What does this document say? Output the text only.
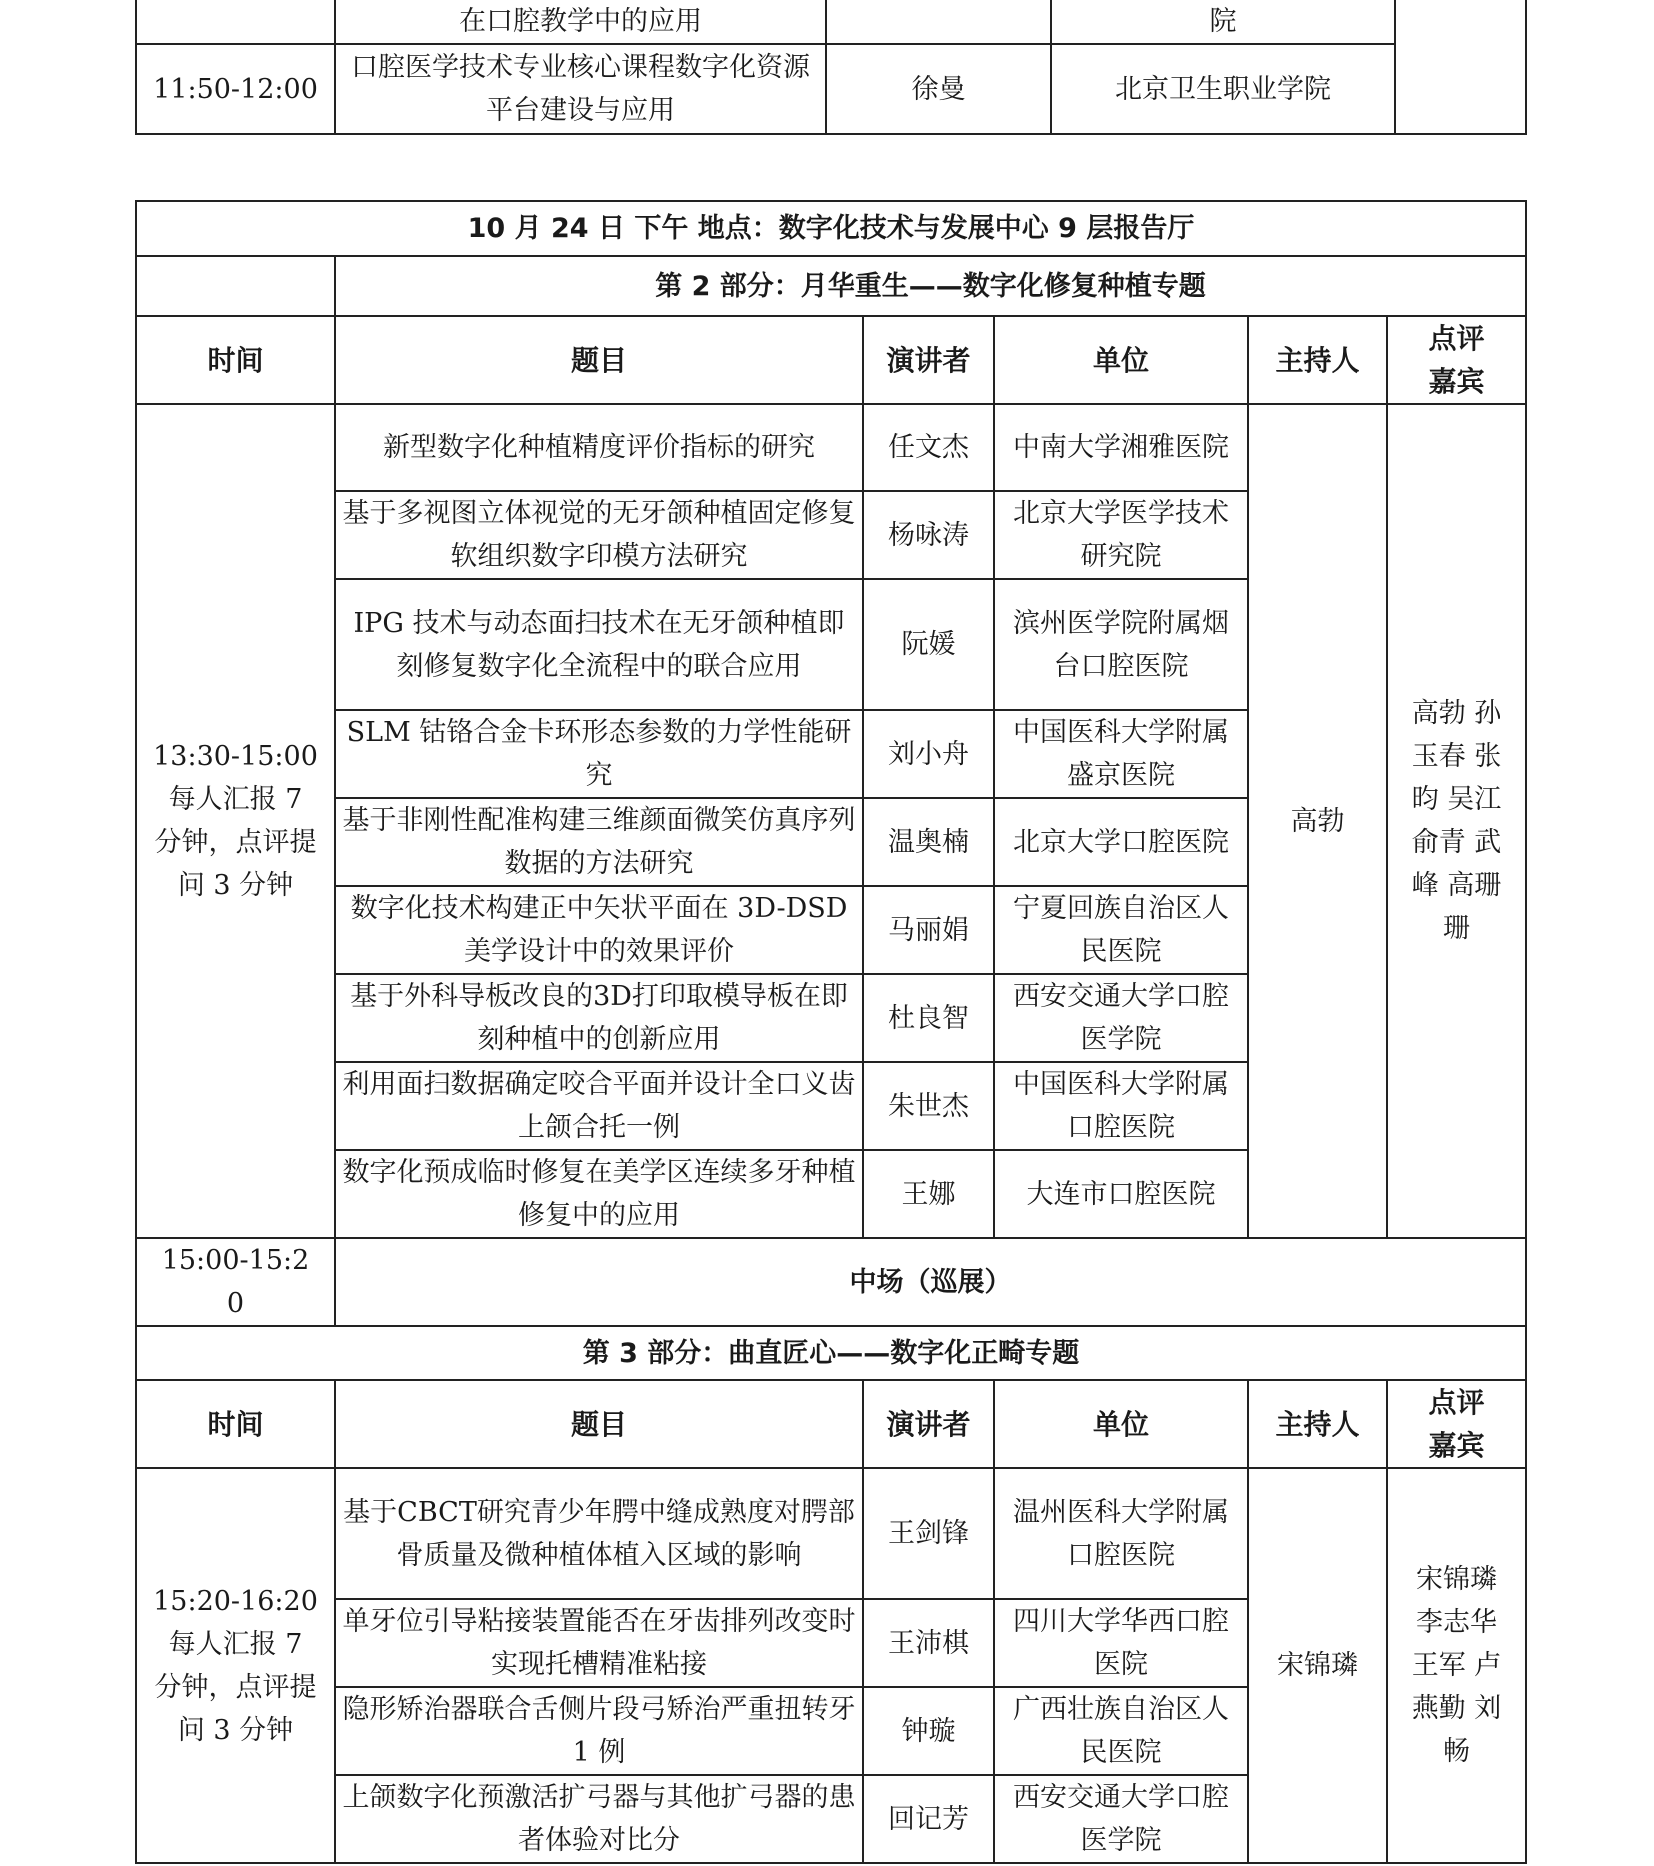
	在口腔教学中的应用		院	
11:50-12:00	口腔医学技术专业核心课程数字化资源平台建设与应用	徐曼	北京卫生职业学院	
10 月 24 日 下午 地点：数字化技术与发展中心 9 层报告厅					
	第 2 部分：月华重生——数字化修复种植专题				
时间	题目	演讲者	单位	主持人	点评嘉宾
13:30-15:00 每人汇报 7 分钟，点评提问 3 分钟	新型数字化种植精度评价指标的研究	任文杰	中南大学湘雅医院	高勃	高勃 孙玉春 张昀 吴江 俞青 武峰 高珊珊
	基于多视图立体视觉的无牙颌种植固定修复软组织数字印模方法研究	杨咏涛	北京大学医学技术研究院		
	IPG 技术与动态面扫技术在无牙颌种植即刻修复数字化全流程中的联合应用	阮媛	滨州医学院附属烟台口腔医院		
	SLM 钴铬合金卡环形态参数的力学性能研究	刘小舟	中国医科大学附属盛京医院		
	基于非刚性配准构建三维颜面微笑仿真序列数据的方法研究	温奥楠	北京大学口腔医院		
	数字化技术构建正中矢状平面在 3D-DSD 美学设计中的效果评价	马丽娟	宁夏回族自治区人民医院		
	基于外科导板改良的3D打印取模导板在即刻种植中的创新应用	杜良智	西安交通大学口腔医学院		
	利用面扫数据确定咬合平面并设计全口义齿上颌合托一例	朱世杰	中国医科大学附属口腔医院		
	数字化预成临时修复在美学区连续多牙种植修复中的应用	王娜	大连市口腔医院		
15:00-15:20	中场（巡展）				
第 3 部分：曲直匠心——数字化正畸专题					
时间	题目	演讲者	单位	主持人	点评嘉宾
15:20-16:20 每人汇报 7 分钟，点评提问 3 分钟	基于CBCT研究青少年腭中缝成熟度对腭部骨质量及微种植体植入区域的影响	王剑锋	温州医科大学附属口腔医院	宋锦璘	宋锦璘 李志华 王军 卢燕勤 刘畅
	单牙位引导粘接装置能否在牙齿排列改变时实现托槽精准粘接	王沛棋	四川大学华西口腔医院		
	隐形矫治器联合舌侧片段弓矫治严重扭转牙 1 例	钟璇	广西壮族自治区人民医院		
	上颌数字化预激活扩弓器与其他扩弓器的患者体验对比分	回记芳	西安交通大学口腔医学院		
